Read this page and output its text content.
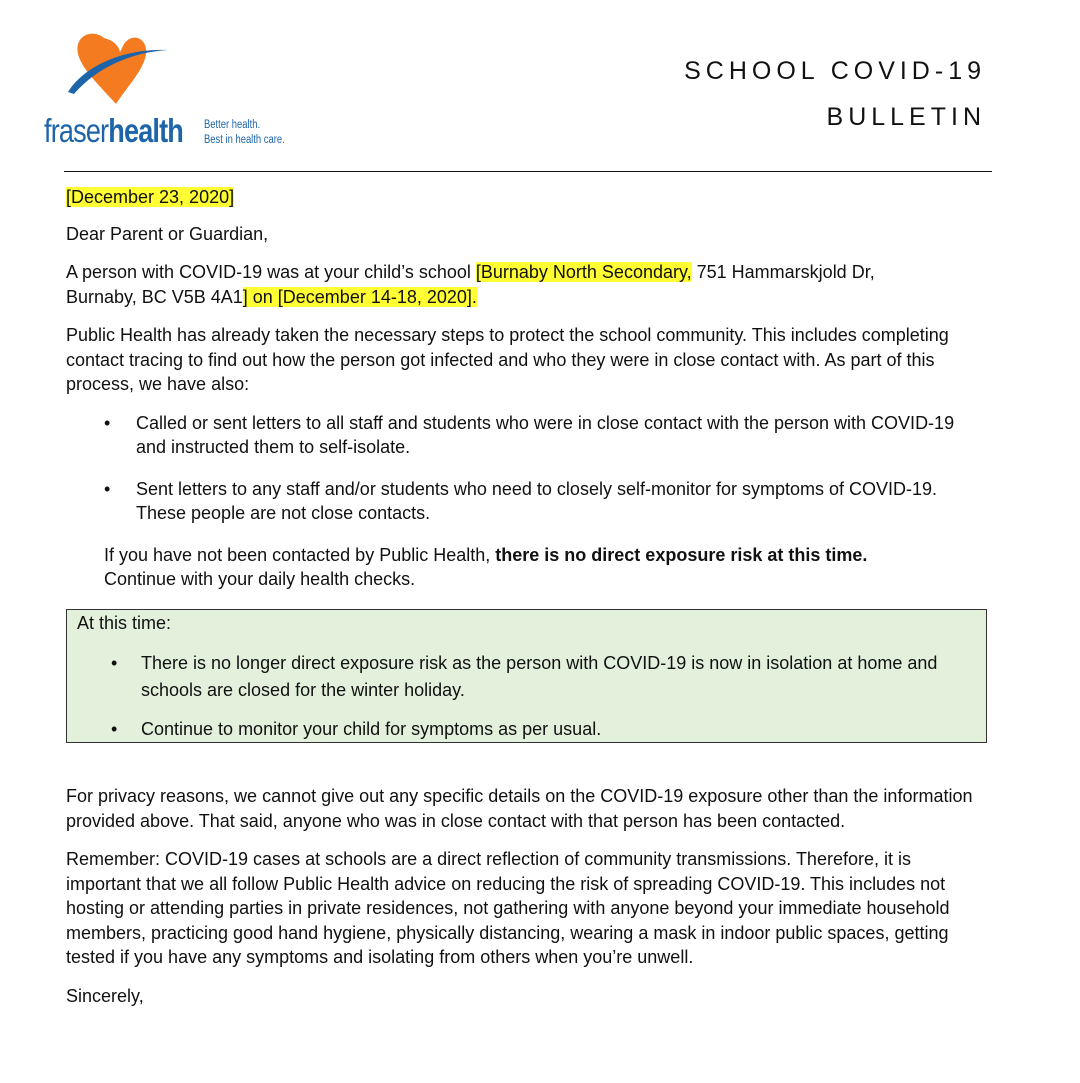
fraserhealth Better health.
Best in health care.
SCHOOL COVID-19
BULLETIN

[December 23, 2020]

Dear Parent or Guardian,

A person with COVID-19 was at your child’s school [Burnaby North Secondary, 751 Hammarskjold Dr,
Burnaby, BC V5B 4A1] on [December 14-18, 2020].

Public Health has already taken the necessary steps to protect the school community. This includes completing contact tracing to find out how the person got infected and who they were in close contact with. As part of this process, we have also:

• Called or sent letters to all staff and students who were in close contact with the person with COVID-19 and instructed them to self-isolate.
• Sent letters to any staff and/or students who need to closely self-monitor for symptoms of COVID-19. These people are not close contacts.

If you have not been contacted by Public Health, there is no direct exposure risk at this time.
Continue with your daily health checks.

At this time:
• There is no longer direct exposure risk as the person with COVID-19 is now in isolation at home and schools are closed for the winter holiday.
• Continue to monitor your child for symptoms as per usual.

For privacy reasons, we cannot give out any specific details on the COVID-19 exposure other than the information provided above. That said, anyone who was in close contact with that person has been contacted.

Remember: COVID-19 cases at schools are a direct reflection of community transmissions. Therefore, it is important that we all follow Public Health advice on reducing the risk of spreading COVID-19. This includes not hosting or attending parties in private residences, not gathering with anyone beyond your immediate household members, practicing good hand hygiene, physically distancing, wearing a mask in indoor public spaces, getting tested if you have any symptoms and isolating from others when you’re unwell.

Sincerely,
